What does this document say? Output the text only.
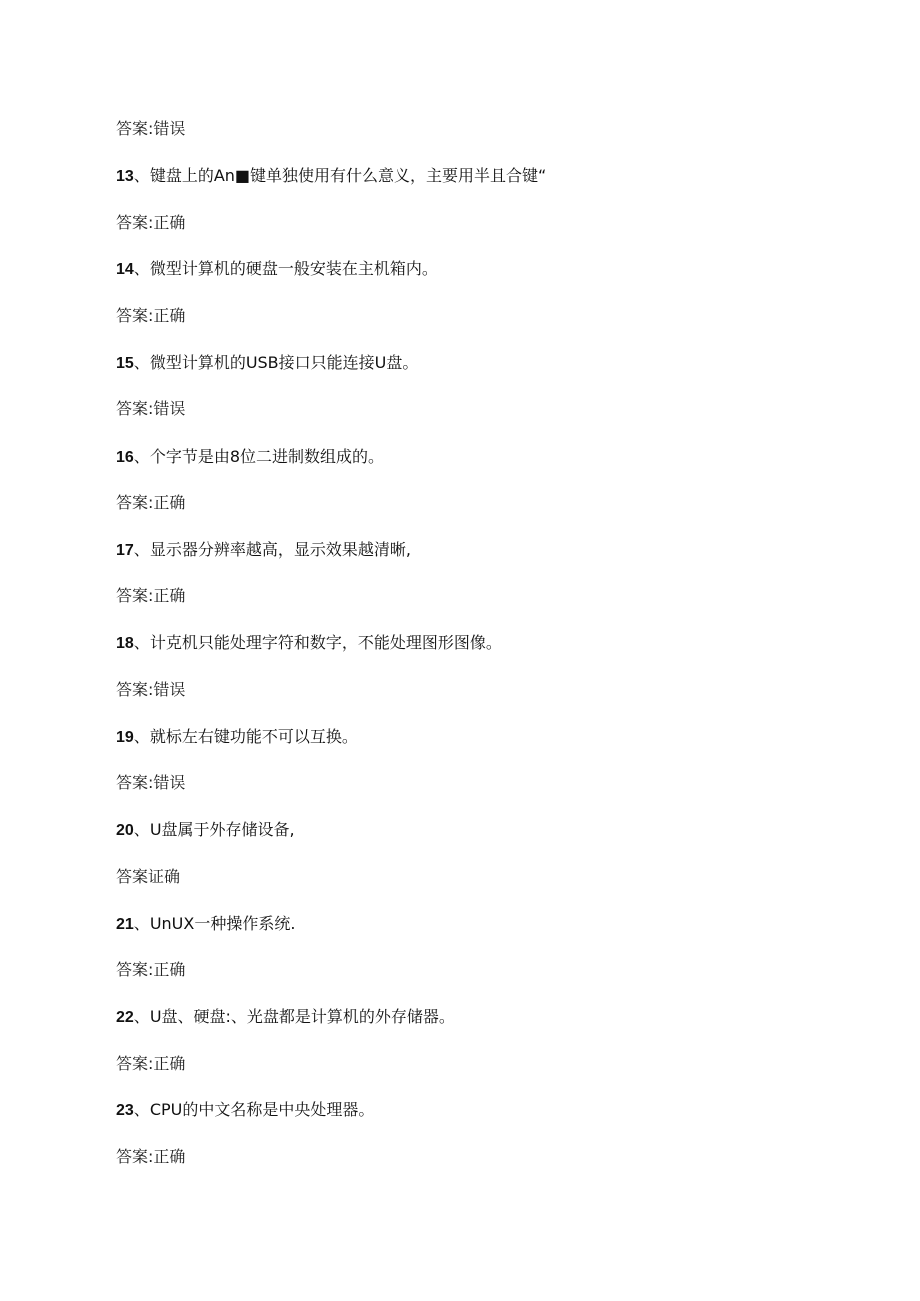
答案:错误
13、键盘上的An■键单独使用有什么意义，主要用半且合键“
答案:正确
14、微型计算机的硬盘一般安装在主机箱内。
答案:正确
15、微型计算机的USB接口只能连接U盘。
答案:错误
16、个字节是由8位二进制数组成的。
答案:正确
17、显示器分辨率越高，显示效果越清晰,
答案:正确
18、计克机只能处理字符和数字，不能处理图形图像。
答案:错误
19、就标左右键功能不可以互换。
答案:错误
20、U盘属于外存储设备,
答案证确
21、UnUX一种操作系统.
答案:正确
22、U盘、硬盘:、光盘都是计算机的外存储器。
答案:正确
23、CPU的中文名称是中央处理器。
答案:正确
